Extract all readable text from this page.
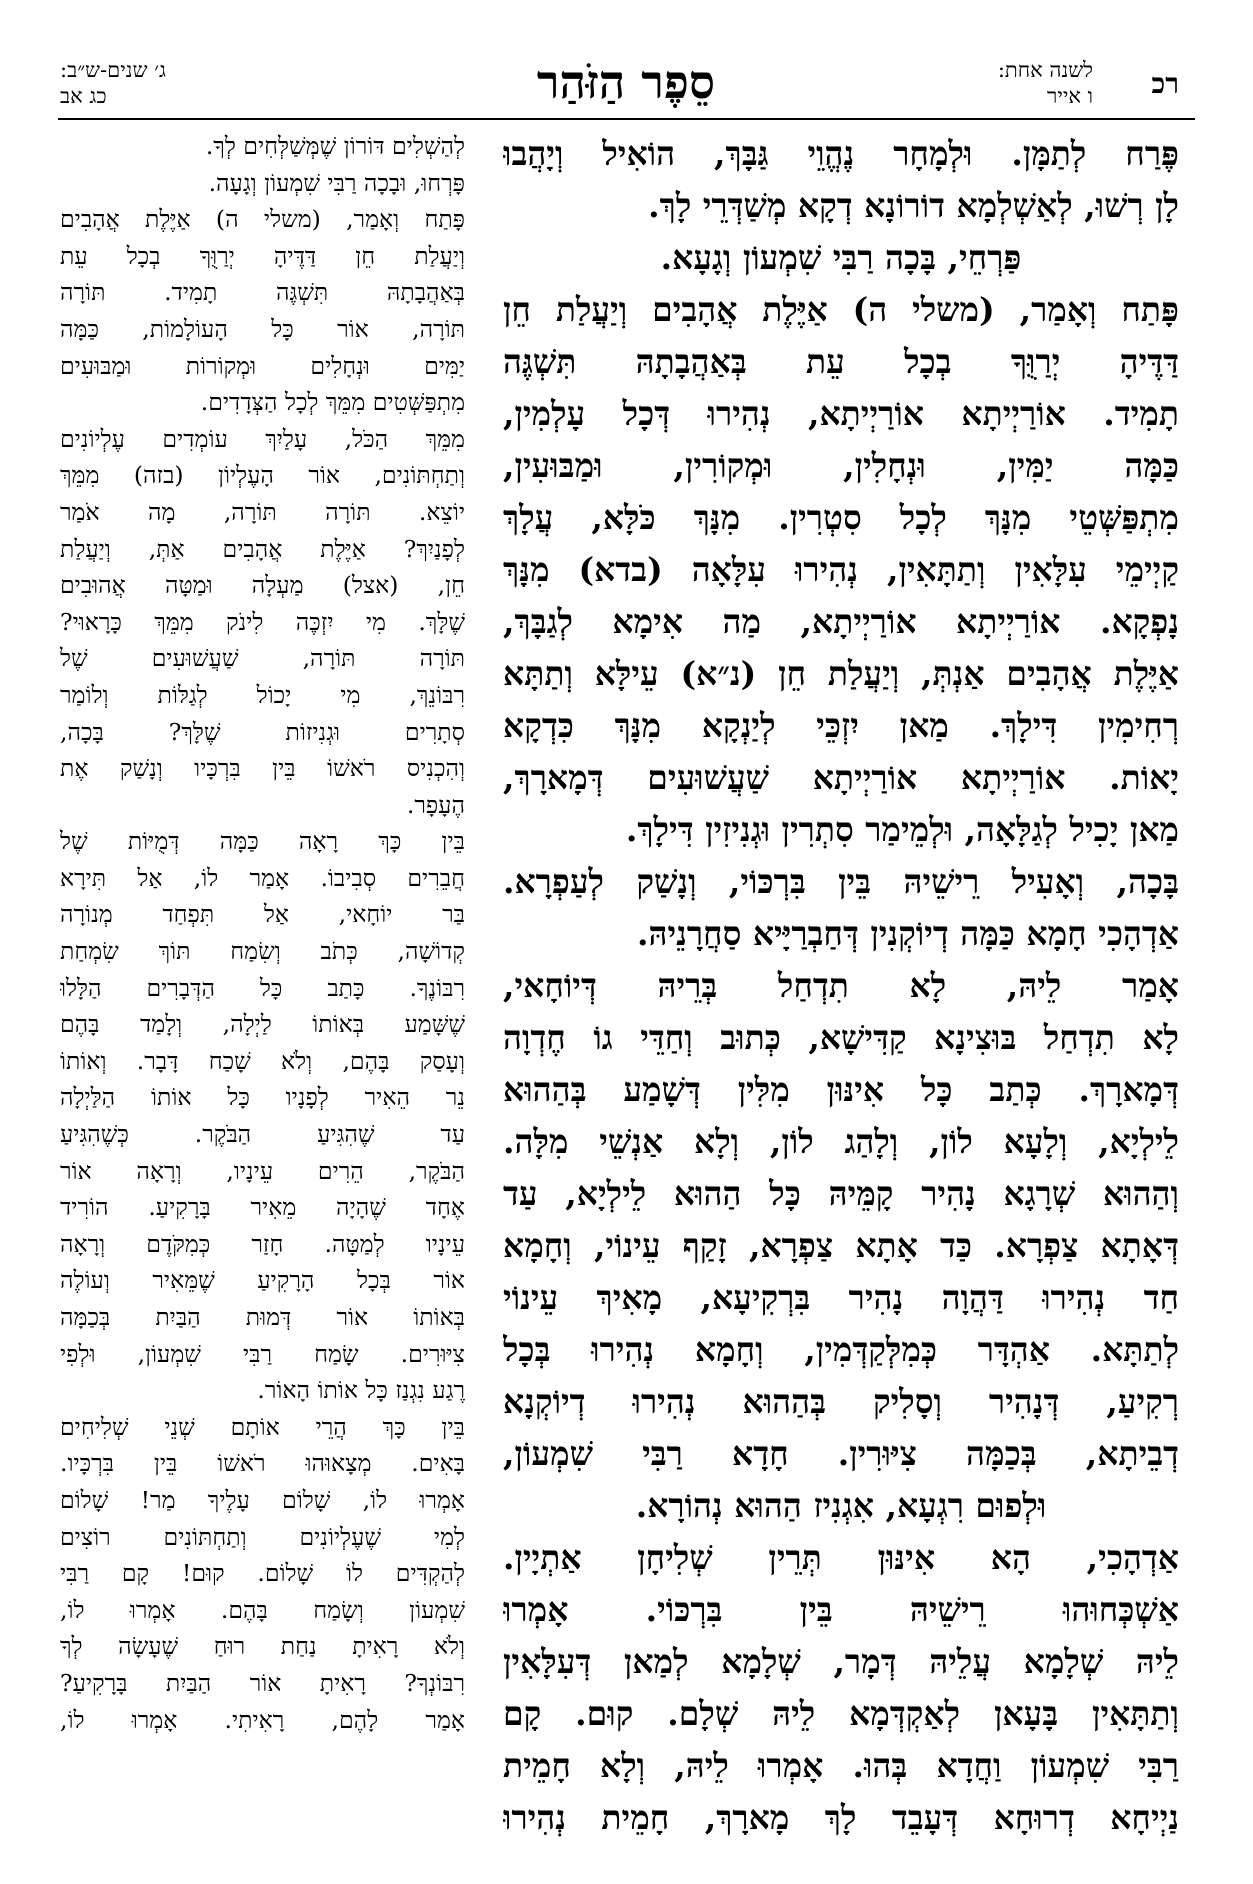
רכ
לשנה אחת:
ו אייר
סֵפֶר הַזֹּהַר
ג׳ שנים-ש״ב:
כג אב
פֶּרַח לְתַמָּן. וּלְמָחָר נֶהֱוֵי גַּבָּךְ, הוֹאִיל וְיָהֲבוּ
לָן רְשׁוּ, לְאַשְׁלְמָא דוֹרוֹנָא דְקָא מְשַׁדְּרֵי לָךְ.
פַּרְחֵי, בָּכָה רַבִּי שִׁמְעוֹן וְגָעָא.
פָּתַח וְאָמַר, (משלי ה) אַיֶּלֶת אֲהָבִים וְיַעֲלַת חֵן
דַּדֶּיהָ יְרַוֻּךָ בְכָל עֵת בְּאַהֲבָתָהּ תִּשְׁגֶּה
תָמִיד. אוֹרַיְיתָא אוֹרַיְיתָא, נְהִירוּ דְּכָל עָלְמִין,
כַּמָּה יַמִּין, וּנְחָלִין, וּמְקוֹרִין, וּמַבּוּעִין,
מִתְפַּשְּׁטֵי מִנָּךְ לְכָל סִטְרִין. מִנָּךְ כֹּלָּא, עֲלָךְ
קַיְימֵי עִלָּאִין וְתַתָּאִין, נְהִירוּ עִלָּאָה (בדא) מִנָּךְ
נָפְקָא. אוֹרַיְיתָא אוֹרַיְיתָא, מַה אִימָא לְגַבָּךְ,
אַיֶּלֶת אֲהָבִים אַנְתְּ, וְיַעֲלַת חֵן (נ״א) עֵילָּא וְתַתָּא
רְחִימִין דִּילָךְ. מַאן יִזְכֵּי לְיַנְקָא מִנָּךְ כִּדְקָא
יָאוֹת. אוֹרַיְיתָא אוֹרַיְיתָא שַׁעֲשׁוּעִים דְּמָארָךְ,
מַאן יָכִיל לְגַלָּאָה, וּלְמֵימַר סִתְרִין וּגְנִיזִין דִּילָךְ.
בָּכָה, וְאָעִיל רֵישֵׁיהּ בֵּין בִּרְכּוֹי, וְנָשַׁק לְעַפְרָא.
אַדְהָכִי חָמָא כַּמָּה דְיוֹקְנִין דְּחַבְרַיָּיא סַחֲרָנֵיהּ.
אָמַר לֵיהּ, לָא תִדְחַל בְּרֵיהּ דְּיוֹחָאי,
לָא תִדְחַל בּוּצִינָא קַדִּישָׁא, כְּתוּב וְחַדֵּי גוֹ חֶדְוָה
דְּמָארָךְ. כְּתַב כָּל אִינּוּן מִלִּין דְּשָׁמַע בְּהַהוּא
לֵילְיָא, וְלָעָא לוֹן, וְלָהַג לוֹן, וְלָא אַנְשֵׁי מִלָּה.
וְהַהוּא שְׁרָגָא נָהִיר קָמֵּיהּ כָּל הַהוּא לֵילְיָא, עַד
דְּאָתָא צַפְרָא. כַּד אָתָא צַפְרָא, זָקַף עֵינוֹי, וְחָמָא
חַד נְהִירוּ דַּהֲוָה נָהִיר בִּרְקִיעָא, מָאִיךְ עֵינוֹי
לְתַתָּא. אַהְדָּר כְּמִלְּקַדְּמִין, וְחָמָא נְהִירוּ בְּכָל
רְקִיעַ, דְּנָהִיר וְסָלִיק בְּהַהוּא נְהִירוּ דְיוֹקְנָא
דְבֵיתָא, בְּכַמָּה צִיּוּרִין. חָדָא רַבִּי שִׁמְעוֹן,
וּלְפוּם רִגְעָא, אִגְנִיז הַהוּא נְהוֹרָא.
אַדְהָכִי, הָא אִינּוּן תְּרֵין שְׁלִיחָן אַתְיָין.
אַשְׁכְּחוּהוּ רֵישֵׁיהּ בֵּין בִּרְכּוֹי. אָמְרוּ
לֵיהּ שְׁלָמָא עֲלֵיהּ דְּמָר, שְׁלָמָא לְמַאן דְּעִלָּאִין
וְתַתָּאִין בָּעָאן לְאַקְדְּמָא לֵיהּ שְׁלָם. קוּם. קָם
רַבִּי שִׁמְעוֹן וַחֲדָא בְּהוּ. אָמְרוּ לֵיהּ, וְלָא חָמֵית
נַיְיחָא דְרוּחָא דְּעָבֵד לָךְ מָארָךְ, חָמֵית נְהִירוּ
לְהַשְׁלִים דּוֹרוֹן שֶׁמְּשַׁלְּחִים לְךָ.
פָּרְחוּ, וּבָכָה רַבִּי שִׁמְעוֹן וְגָעָה.
פָּתַח וְאָמַר, (משלי ה) אַיֶּלֶת אֲהָבִים
וְיַעֲלַת חֵן דַּדֶּיהָ יְרַוֻּךָ בְכָל עֵת
בְּאַהֲבָתָהּ תִּשְׁגֶּה תָמִיד. תּוֹרָה
תּוֹרָה, אוֹר כָּל הָעוֹלָמוֹת, כַּמָּה
יַמִּים וּנְחָלִים וּמְקוֹרוֹת וּמַבּוּעִים
מִתְפַּשְּׁטִים מִמֵּךְ לְכָל הַצְּדָדִים.
מִמֵּךְ הַכֹּל, עָלַיִךְ עוֹמְדִים עֶלְיוֹנִים
וְתַחְתּוֹנִים, אוֹר הָעֶלְיוֹן (בזה) מִמֵּךְ
יוֹצֵא. תּוֹרָה תּוֹרָה, מָה אֹמַר
לְפָנַיִךְ? אַיֶּלֶת אֲהָבִים אַתְּ, וְיַעֲלַת
חֵן, (אצל) מַעְלָה וּמַטָּה אֲהוּבִים
שֶׁלָּךְ. מִי יִזְכֶּה לִינֹק מִמֵּךְ כָּרָאוּי?
תּוֹרָה תּוֹרָה, שַׁעֲשׁוּעִים שֶׁל
רִבּוֹנֵךְ, מִי יָכוֹל לְגַלּוֹת וְלוֹמַר
סְתָרִים וּגְנִיזוֹת שֶׁלָּךְ? בָּכָה,
וְהִכְנִיס רֹאשׁוֹ בֵּין בִּרְכָּיו וְנָשַׁק אֶת
הֶעָפָר.
בֵּין כָּךְ רָאָה כַּמָּה דְּמֻיּוֹת שֶׁל
חֲבֵרִים סְבִיבוֹ. אָמַר לוֹ, אַל תִּירָא
בַּר יוֹחָאי, אַל תִּפְחַד מְנוֹרָה
קְדוֹשָׁה, כְּתֹב וְשִׂמַח תּוֹךְ שִׂמְחַת
רִבּוֹנֶךָ. כָּתַב כָּל הַדְּבָרִים הַלָּלוּ
שֶׁשָּׁמַע בְּאוֹתוֹ לַיְלָה, וְלָמַד בָּהֶם
וְעָסַק בָּהֶם, וְלֹא שָׁכַח דָּבָר. וְאוֹתוֹ
נֵר הֵאִיר לְפָנָיו כָּל אוֹתוֹ הַלַּיְלָה
עַד שֶׁהִגִּיעַ הַבֹּקֶר. כְּשֶׁהִגִּיעַ
הַבֹּקֶר, הֵרִים עֵינָיו, וְרָאָה אוֹר
אֶחָד שֶׁהָיָה מֵאִיר בָּרָקִיעַ. הוֹרִיד
עֵינָיו לְמַטָּה. חָזַר כְּמִקֹּדֶם וְרָאָה
אוֹר בְּכָל הָרָקִיעַ שֶׁמֵּאִיר וְעוֹלֶה
בְּאוֹתוֹ אוֹר דְּמוּת הַבַּיִת בְּכַמָּה
צִיּוּרִים. שָׂמַח רַבִּי שִׁמְעוֹן, וּלְפִי
רֶגַע נִגְנַז כָּל אוֹתוֹ הָאוֹר.
בֵּין כָּךְ הֲרֵי אוֹתָם שְׁנֵי שְׁלִיחִים
בָּאִים. מְצָאוּהוּ רֹאשׁוֹ בֵּין בִּרְכָּיו.
אָמְרוּ לוֹ, שָׁלוֹם עָלֶיךָ מַר! שָׁלוֹם
לְמִי שֶׁעֶלְיוֹנִים וְתַחְתּוֹנִים רוֹצִים
לְהַקְדִּים לוֹ שָׁלוֹם. קוּם! קָם רַבִּי
שִׁמְעוֹן וְשָׂמַח בָּהֶם. אָמְרוּ לוֹ,
וְלֹא רָאִיתָ נַחַת רוּחַ שֶׁעָשָׂה לְךָ
רִבּוֹנְךָ? רָאִיתָ אוֹר הַבַּיִת בָּרָקִיעַ?
אָמַר לָהֶם, רָאִיתִי. אָמְרוּ לוֹ,
